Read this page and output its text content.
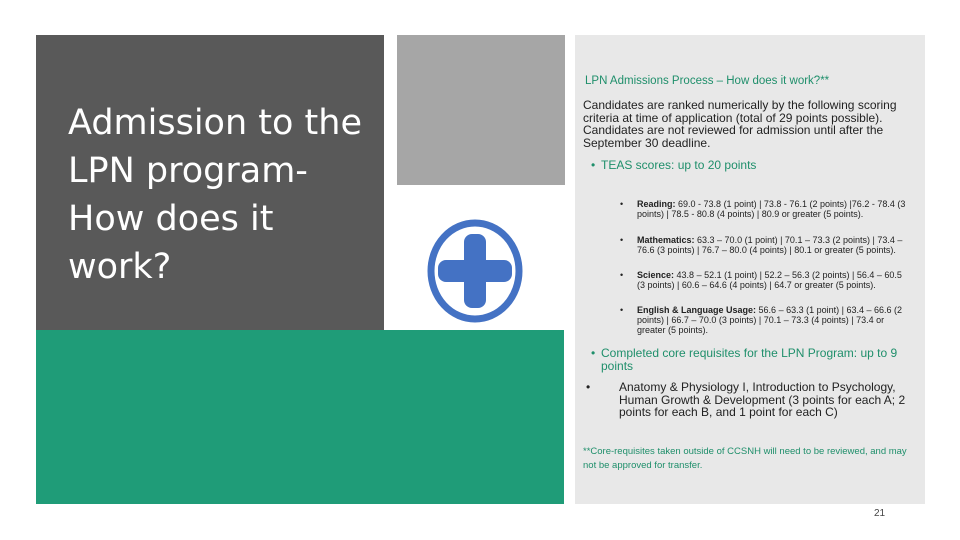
Admission to the LPN program- How does it work?
LPN Admissions Process – How does it work?**
Candidates are ranked numerically by the following scoring criteria at time of application (total of 29 points possible). Candidates are not reviewed for admission until after the September 30 deadline.
• TEAS scores: up to 20 points
• Reading: 69.0 - 73.8 (1 point) | 73.8 - 76.1 (2 points) |76.2 - 78.4 (3 points) | 78.5 - 80.8 (4 points) | 80.9 or greater (5 points).
• Mathematics: 63.3 – 70.0 (1 point) | 70.1 – 73.3 (2 points) | 73.4 – 76.6 (3 points) | 76.7 – 80.0 (4 points) | 80.1 or greater (5 points).
• Science: 43.8 – 52.1 (1 point) | 52.2 – 56.3 (2 points) | 56.4 – 60.5 (3 points) | 60.6 – 64.6 (4 points) | 64.7 or greater (5 points).
• English & Language Usage: 56.6 – 63.3 (1 point) | 63.4 – 66.6 (2 points) | 66.7 – 70.0 (3 points) | 70.1 – 73.3 (4 points) | 73.4 or greater (5 points).
• Completed core requisites for the LPN Program: up to 9 points
• Anatomy & Physiology I, Introduction to Psychology, Human Growth & Development (3 points for each A; 2 points for each B, and 1 point for each C)
**Core-requisites taken outside of CCSNH will need to be reviewed, and may not be approved for transfer.
21
